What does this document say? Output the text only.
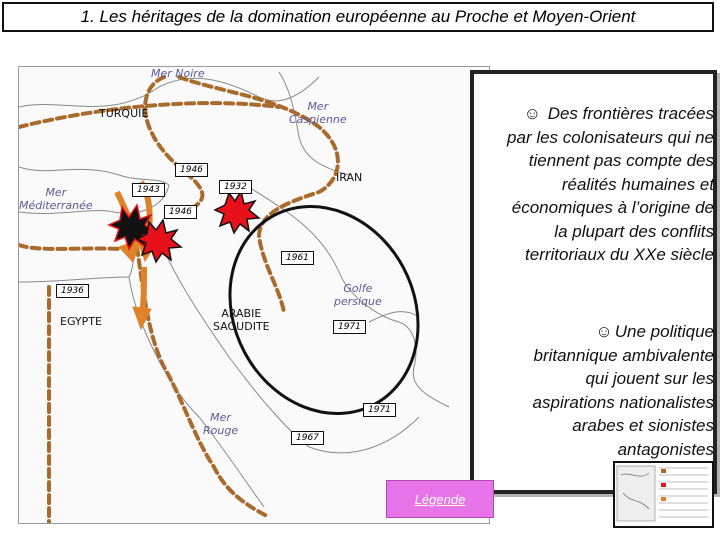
1. Les héritages de la domination européenne au Proche et Moyen-Orient
Mer Noire
Mer
Caspienne
Mer
Méditerranée
Golfe
persique
Mer
Rouge
TURQUIE
IRAN
EGYPTE
ARABIE
SAOUDITE
1946
1943	1932
1946
1961
1936
1971
1971
1967
☺ Des frontières tracées
par les colonisateurs qui ne
tiennent pas compte des
réalités humaines et
économiques à l’origine de
la plupart des conflits
territoriaux du XXe siècle
☺ Une politique
britannique ambivalente
qui jouent sur les
aspirations nationalistes
arabes et sionistes
antagonistes
Légende
